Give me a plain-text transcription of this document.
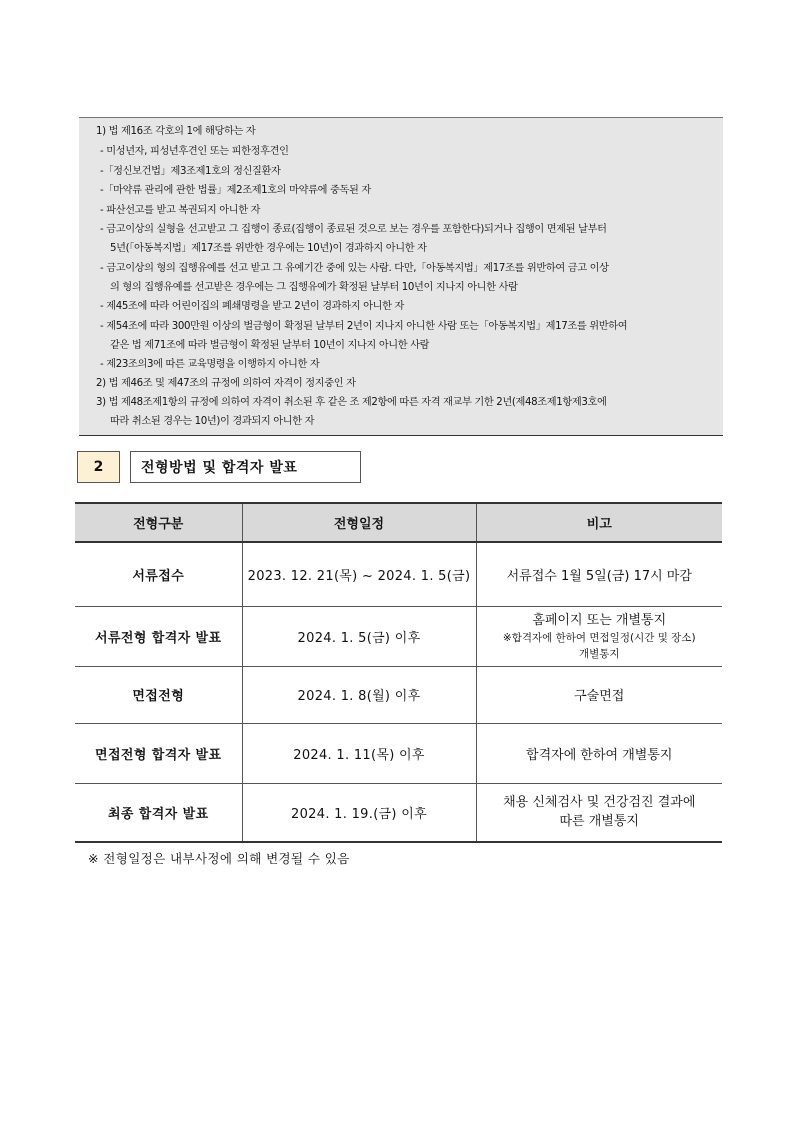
1) 법 제16조 각호의 1에 해당하는 자
- 미성년자, 피성년후견인 또는 피한정후견인
-「정신보건법」제3조제1호의 정신질환자
-「마약류 관리에 관한 법률」제2조제1호의 마약류에 중독된 자
- 파산선고를 받고 복권되지 아니한 자
- 금고이상의 실형을 선고받고 그 집행이 종료(집행이 종료된 것으로 보는 경우를 포함한다)되거나 집행이 면제된 날부터
5년(「아동복지법」제17조를 위반한 경우에는 10년)이 경과하지 아니한 자
- 금고이상의 형의 집행유예를 선고 받고 그 유예기간 중에 있는 사람. 다만,「아동복지법」제17조를 위반하여 금고 이상
의 형의 집행유예를 선고받은 경우에는 그 집행유예가 확정된 날부터 10년이 지나지 아니한 사람
- 제45조에 따라 어린이집의 폐쇄명령을 받고 2년이 경과하지 아니한 자
- 제54조에 따라 300만원 이상의 벌금형이 확정된 날부터 2년이 지나지 아니한 사람 또는「아동복지법」제17조를 위반하여
같은 법 제71조에 따라 벌금형이 확정된 날부터 10년이 지나지 아니한 사람
- 제23조의3에 따른 교육명령을 이행하지 아니한 자
2) 법 제46조 및 제47조의 규정에 의하여 자격이 정지중인 자
3) 법 제48조제1항의 규정에 의하여 자격이 취소된 후 같은 조 제2항에 따른 자격 재교부 기한 2년(제48조제1항제3호에
따라 취소된 경우는 10년)이 경과되지 아니한 자
2	전형방법 및 합격자 발표
전형구분	전형일정	비고
서류접수	2023. 12. 21(목) ~ 2024. 1. 5(금)	서류접수 1월 5일(금) 17시 마감
서류전형 합격자 발표	2024. 1. 5(금) 이후	홈페이지 또는 개별통지
※합격자에 한하여 면접일정(시간 및 장소)
개별통지

면접전형	2024. 1. 8(월) 이후	구술면접
면접전형 합격자 발표	2024. 1. 11(목) 이후	합격자에 한하여 개별통지
최종 합격자 발표	2024. 1. 19.(금) 이후	채용 신체검사 및 건강검진 결과에
따른 개별통지
※ 전형일정은 내부사정에 의해 변경될 수 있음
